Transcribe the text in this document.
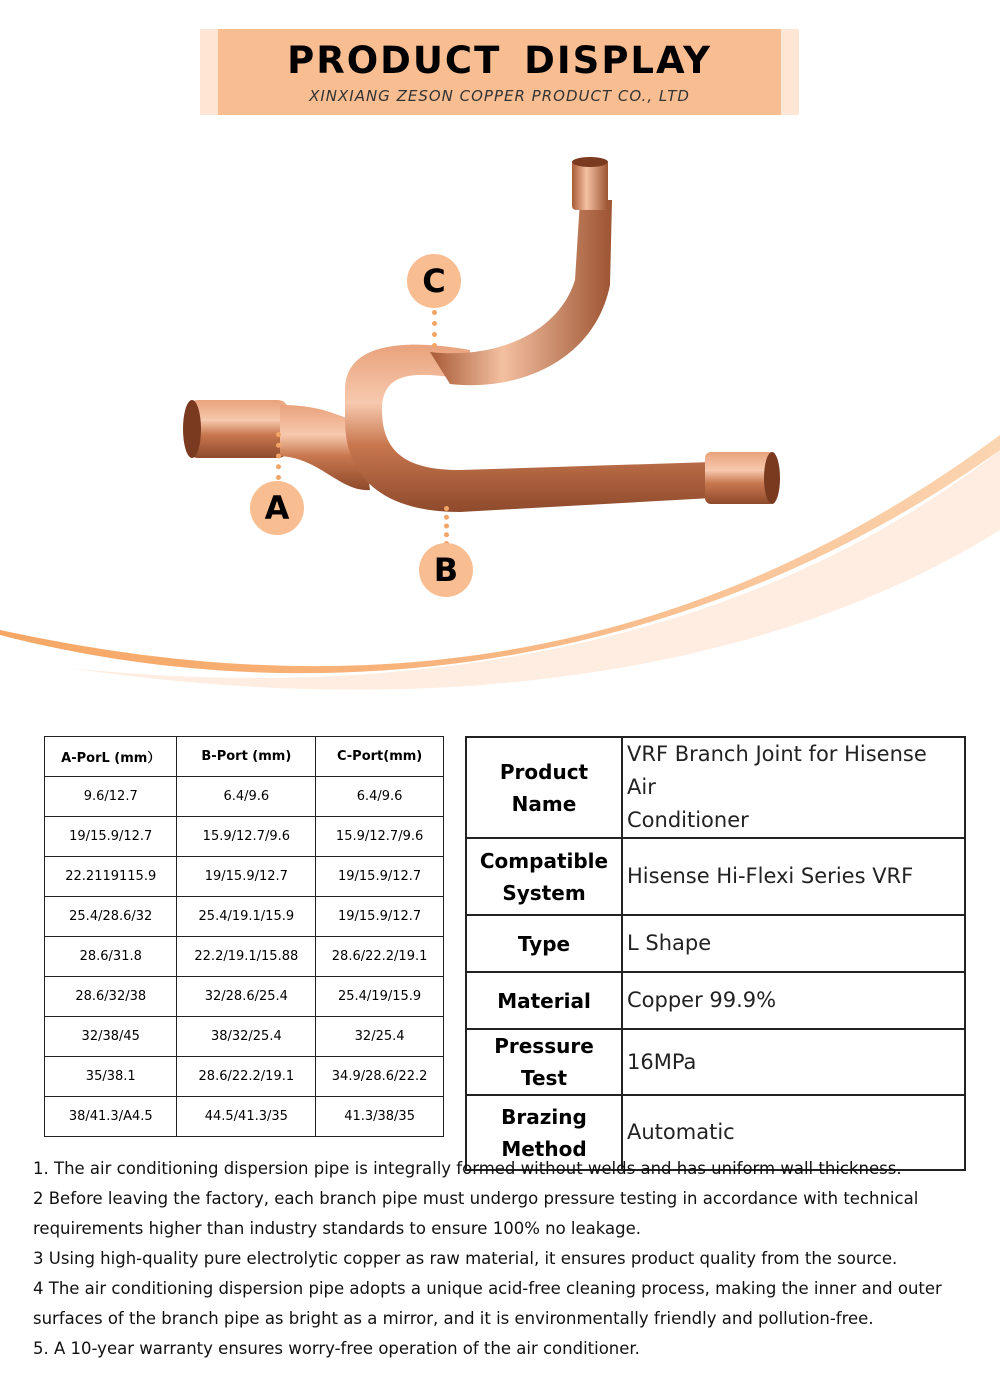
PRODUCT DISPLAY
XINXIANG ZESON COPPER PRODUCT CO., LTD
C
A
B
A-PorL (mm）	B-Port (mm)	C-Port(mm)
9.6/12.7	6.4/9.6	6.4/9.6
19/15.9/12.7	15.9/12.7/9.6	15.9/12.7/9.6
22.2119115.9	19/15.9/12.7	19/15.9/12.7
25.4/28.6/32	25.4/19.1/15.9	19/15.9/12.7
28.6/31.8	22.2/19.1/15.88	28.6/22.2/19.1
28.6/32/38	32/28.6/25.4	25.4/19/15.9
32/38/45	38/32/25.4	32/25.4
35/38.1	28.6/22.2/19.1	34.9/28.6/22.2
38/41.3/A4.5	44.5/41.3/35	41.3/38/35
Product
Name	VRF Branch Joint for Hisense Air
Conditioner
Compatible
System	Hisense Hi-Flexi Series VRF
Type	L Shape
Material	Copper 99.9%
Pressure Test	16MPa
Brazing
Method	Automatic

1. The air conditioning dispersion pipe is integrally formed without welds and has uniform wall thickness.

2 Before leaving the factory, each branch pipe must undergo pressure testing in accordance with technical

requirements higher than industry standards to ensure 100% no leakage.

3 Using high-quality pure electrolytic copper as raw material, it ensures product quality from the source.

4 The air conditioning dispersion pipe adopts a unique acid-free cleaning process, making the inner and outer

surfaces of the branch pipe as bright as a mirror, and it is environmentally friendly and pollution-free.

5. A 10-year warranty ensures worry-free operation of the air conditioner.
